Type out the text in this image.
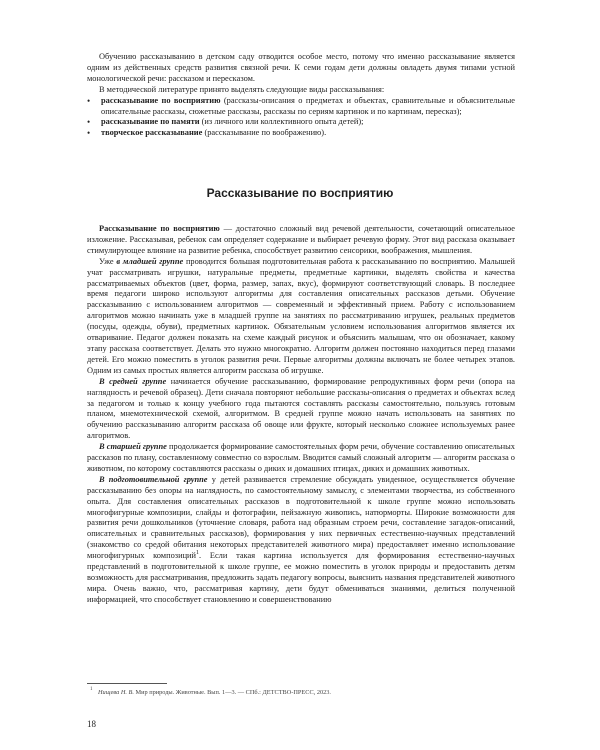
Обучению рассказыванию в детском саду отводится особое место, потому что именно рассказывание является одним из действенных средств развития связной речи. К семи годам дети должны овладеть двумя типами устной монологической речи: рассказом и пересказом.

В методической литературе принято выделять следующие виды рассказывания:

• рассказывание по восприятию (рассказы-описания о предметах и объектах, сравнительные и объяснительные описательные рассказы, сюжетные рассказы, рассказы по сериям картинок и по картинам, пересказ);
• рассказывание по памяти (из личного или коллективного опыта детей);
• творческое рассказывание (рассказывание по воображению).
Рассказывание по восприятию

Рассказывание по восприятию — достаточно сложный вид речевой деятельности, сочетающий описательное изложение. Рассказывая, ребенок сам определяет содержание и выбирает речевую форму. Этот вид рассказа оказывает стимулирующее влияние на развитие ребенка, способствует развитию сенсорики, воображения, мышления.

Уже в младшей группе проводится большая подготовительная работа к рассказыванию по восприятию. Малышей учат рассматривать игрушки, натуральные предметы, предметные картинки, выделять свойства и качества рассматриваемых объектов (цвет, форма, размер, запах, вкус), формируют соответствующий словарь. В последнее время педагоги широко используют алгоритмы для составления описательных рассказов детьми. Обучение рассказыванию с использованием алгоритмов — современный и эффективный прием. Работу с использованием алгоритмов можно начинать уже в младшей группе на занятиях по рассматриванию игрушек, реальных предметов (посуды, одежды, обуви), предметных картинок. Обязательным условием использования алгоритмов является их отваривание. Педагог должен показать на схеме каждый рисунок и объяснить малышам, что он обозначает, какому этапу рассказа соответствует. Делать это нужно многократно. Алгоритм должен постоянно находиться перед глазами детей. Его можно поместить в уголок развития речи. Первые алгоритмы должны включать не более четырех этапов. Одним из самых простых является алгоритм рассказа об игрушке.

В средней группе начинается обучение рассказыванию, формирование репродуктивных форм речи (опора на наглядность и речевой образец). Дети сначала повторяют небольшие рассказы-описания о предметах и объектах вслед за педагогом и только к концу учебного года пытаются составлять рассказы самостоятельно, пользуясь готовым планом, мнемотехнической схемой, алгоритмом. В средней группе можно начать использовать на занятиях по обучению рассказыванию алгоритм рассказа об овоще или фрукте, который несколько сложнее используемых ранее алгоритмов.

В старшей группе продолжается формирование самостоятельных форм речи, обучение составлению описательных рассказов по плану, составленному совместно со взрослым. Вводится самый сложный алгоритм — алгоритм рассказа о животном, по которому составляются рассказы о диких и домашних птицах, диких и домашних животных.

В подготовительной группе у детей развивается стремление обсуждать увиденное, осуществляется обучение рассказыванию без опоры на наглядность, по самостоятельному замыслу, с элементами творчества, из собственного опыта. Для составления описательных рассказов в подготовительной к школе группе можно использовать многофигурные композиции, слайды и фотографии, пейзажную живопись, натюрморты. Широкие возможности для развития речи дошкольников (уточнение словаря, работа над образным строем речи, составление загадок-описаний, описательных и сравнительных рассказов), формирования у них первичных естественно-научных представлений (знакомство со средой обитания некоторых представителей животного мира) предоставляет именно использование многофигурных композиций$^1$. Если такая картина используется для формирования естественно-научных представлений в подготовительной к школе группе, ее можно поместить в уголок природы и предоставить детям возможность для рассматривания, предложить задать педагогу вопросы, выяснить названия представителей животного мира. Очень важно, что, рассматривая картину, дети будут обмениваться знаниями, делиться полученной информацией, что способствует становлению и совершенствованию

1 Нищева Н. В. Мир природы. Животные. Вып. 1—3. — СПб.: ДЕТСТВО-ПРЕСС, 2023.
18
